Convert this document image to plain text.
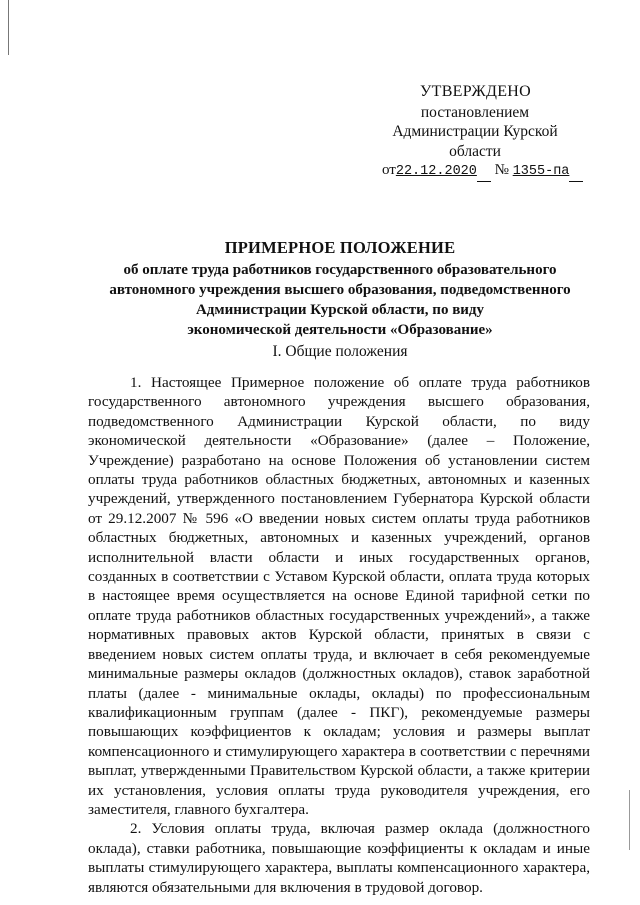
УТВЕРЖДЕНО
постановлением
Администрации Курской
области
от22.12.2020 № 1355-па
ПРИМЕРНОЕ ПОЛОЖЕНИЕ
об оплате труда работников государственного образовательного
автономного учреждения высшего образования, подведомственного
Администрации Курской области, по виду
экономической деятельности «Образование»
I. Общие положения

1. Настоящее Примерное положение об оплате труда работников государственного автономного учреждения высшего образования, подведомственного Администрации Курской области, по виду экономической деятельности «Образование» (далее – Положение, Учреждение) разработано на основе Положения об установлении систем оплаты труда работников областных бюджетных, автономных и казенных учреждений, утвержденного постановлением Губернатора Курской области от 29.12.2007 № 596 «О введении новых систем оплаты труда работников областных бюджетных, автономных и казенных учреждений, органов исполнительной власти области и иных государственных органов, созданных в соответствии с Уставом Курской области, оплата труда которых в настоящее время осуществляется на основе Единой тарифной сетки по оплате труда работников областных государственных учреждений», а также нормативных правовых актов Курской области, принятых в связи с введением новых систем оплаты труда, и включает в себя рекомендуемые минимальные размеры окладов (должностных окладов), ставок заработной платы (далее - минимальные оклады, оклады) по профессиональным квалификационным группам (далее - ПКГ), рекомендуемые размеры повышающих коэффициентов к окладам; условия и размеры выплат компенсационного и стимулирующего характера в соответствии с перечнями выплат, утвержденными Правительством Курской области, а также критерии их установления, условия оплаты труда руководителя учреждения, его заместителя, главного бухгалтера.

2. Условия оплаты труда, включая размер оклада (должностного оклада), ставки работника, повышающие коэффициенты к окладам и иные выплаты стимулирующего характера, выплаты компенсационного характера, являются обязательными для включения в трудовой договор.
